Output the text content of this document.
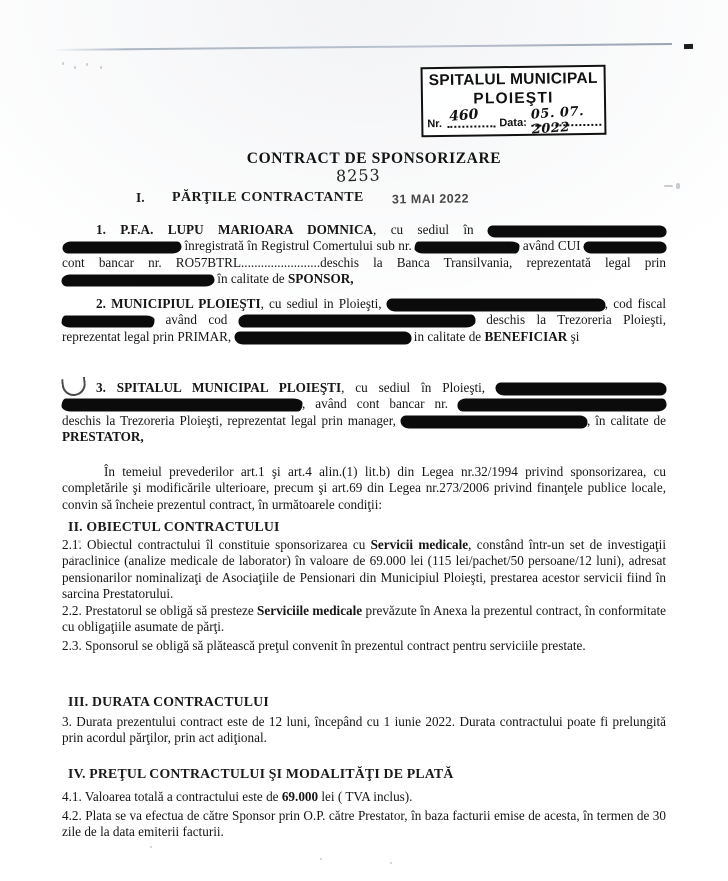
SPITALUL MUNICIPAL
PLOIEŞTI
Nr. 460 Data:
05. 07. 2022
CONTRACT DE SPONSORIZARE
8253
I. PĂRŢILE CONTRACTANTE 31 MAI 2022
1. P.F.A. LUPU MARIOARA DOMNICA, cu sediul în   înregistrată în Registrul Comertului sub nr.	având CUI  cont bancar nr. RO57BTRL........................deschis la Banca Transilvania, reprezentată legal prin  în calitate de SPONSOR,
2. MUNICIPIUL PLOIEŞTI, cu sediul in Ploieşti,	, cod fiscal  având cod	deschis la Trezoreria Ploieşti, reprezentat legal prin PRIMAR,	in calitate de BENEFICIAR şi
3. SPITALUL MUNICIPAL PLOIEŞTI, cu sediul în Ploieşti,  , având cont bancar nr.  deschis la Trezoreria Ploieşti, reprezentat legal prin manager,	, în calitate de PRESTATOR,
În temeiul prevederilor art.1 şi art.4 alin.(1) lit.b) din Legea nr.32/1994 privind sponsorizarea, cu completările şi modificările ulterioare, precum şi art.69 din Legea nr.273/2006 privind finanţele publice locale, convin să încheie prezentul contract, în următoarele condiţii:
II. OBIECTUL CONTRACTULUI
2.1. Obiectul contractului îl constituie sponsorizarea cu Servicii medicale, constând într-un set de investigaţii paraclinice (analize medicale de laborator) în valoare de 69.000 lei (115 lei/pachet/50 persoane/12 luni), adresat pensionarilor nominalizaţi de Asociaţiile de Pensionari din Municipiul Ploieşti, prestarea acestor servicii fiind în sarcina Prestatorului.
2.2. Prestatorul se obligă să presteze Serviciile medicale prevăzute în Anexa la prezentul contract, în conformitate cu obligaţiile asumate de părţi.
2.3. Sponsorul se obligă să plătească preţul convenit în prezentul contract pentru serviciile prestate.
III. DURATA CONTRACTULUI
3. Durata prezentului contract este de 12 luni, începând cu 1 iunie 2022. Durata contractului poate fi prelungită prin acordul părţilor, prin act adiţional.
IV. PREŢUL CONTRACTULUI ŞI MODALITĂŢI DE PLATĂ
4.1. Valoarea totală a contractului este de 69.000 lei ( TVA inclus).
4.2. Plata se va efectua de către Sponsor prin O.P. către Prestator, în baza facturii emise de acesta, în termen de 30 zile de la data emiterii facturii.
